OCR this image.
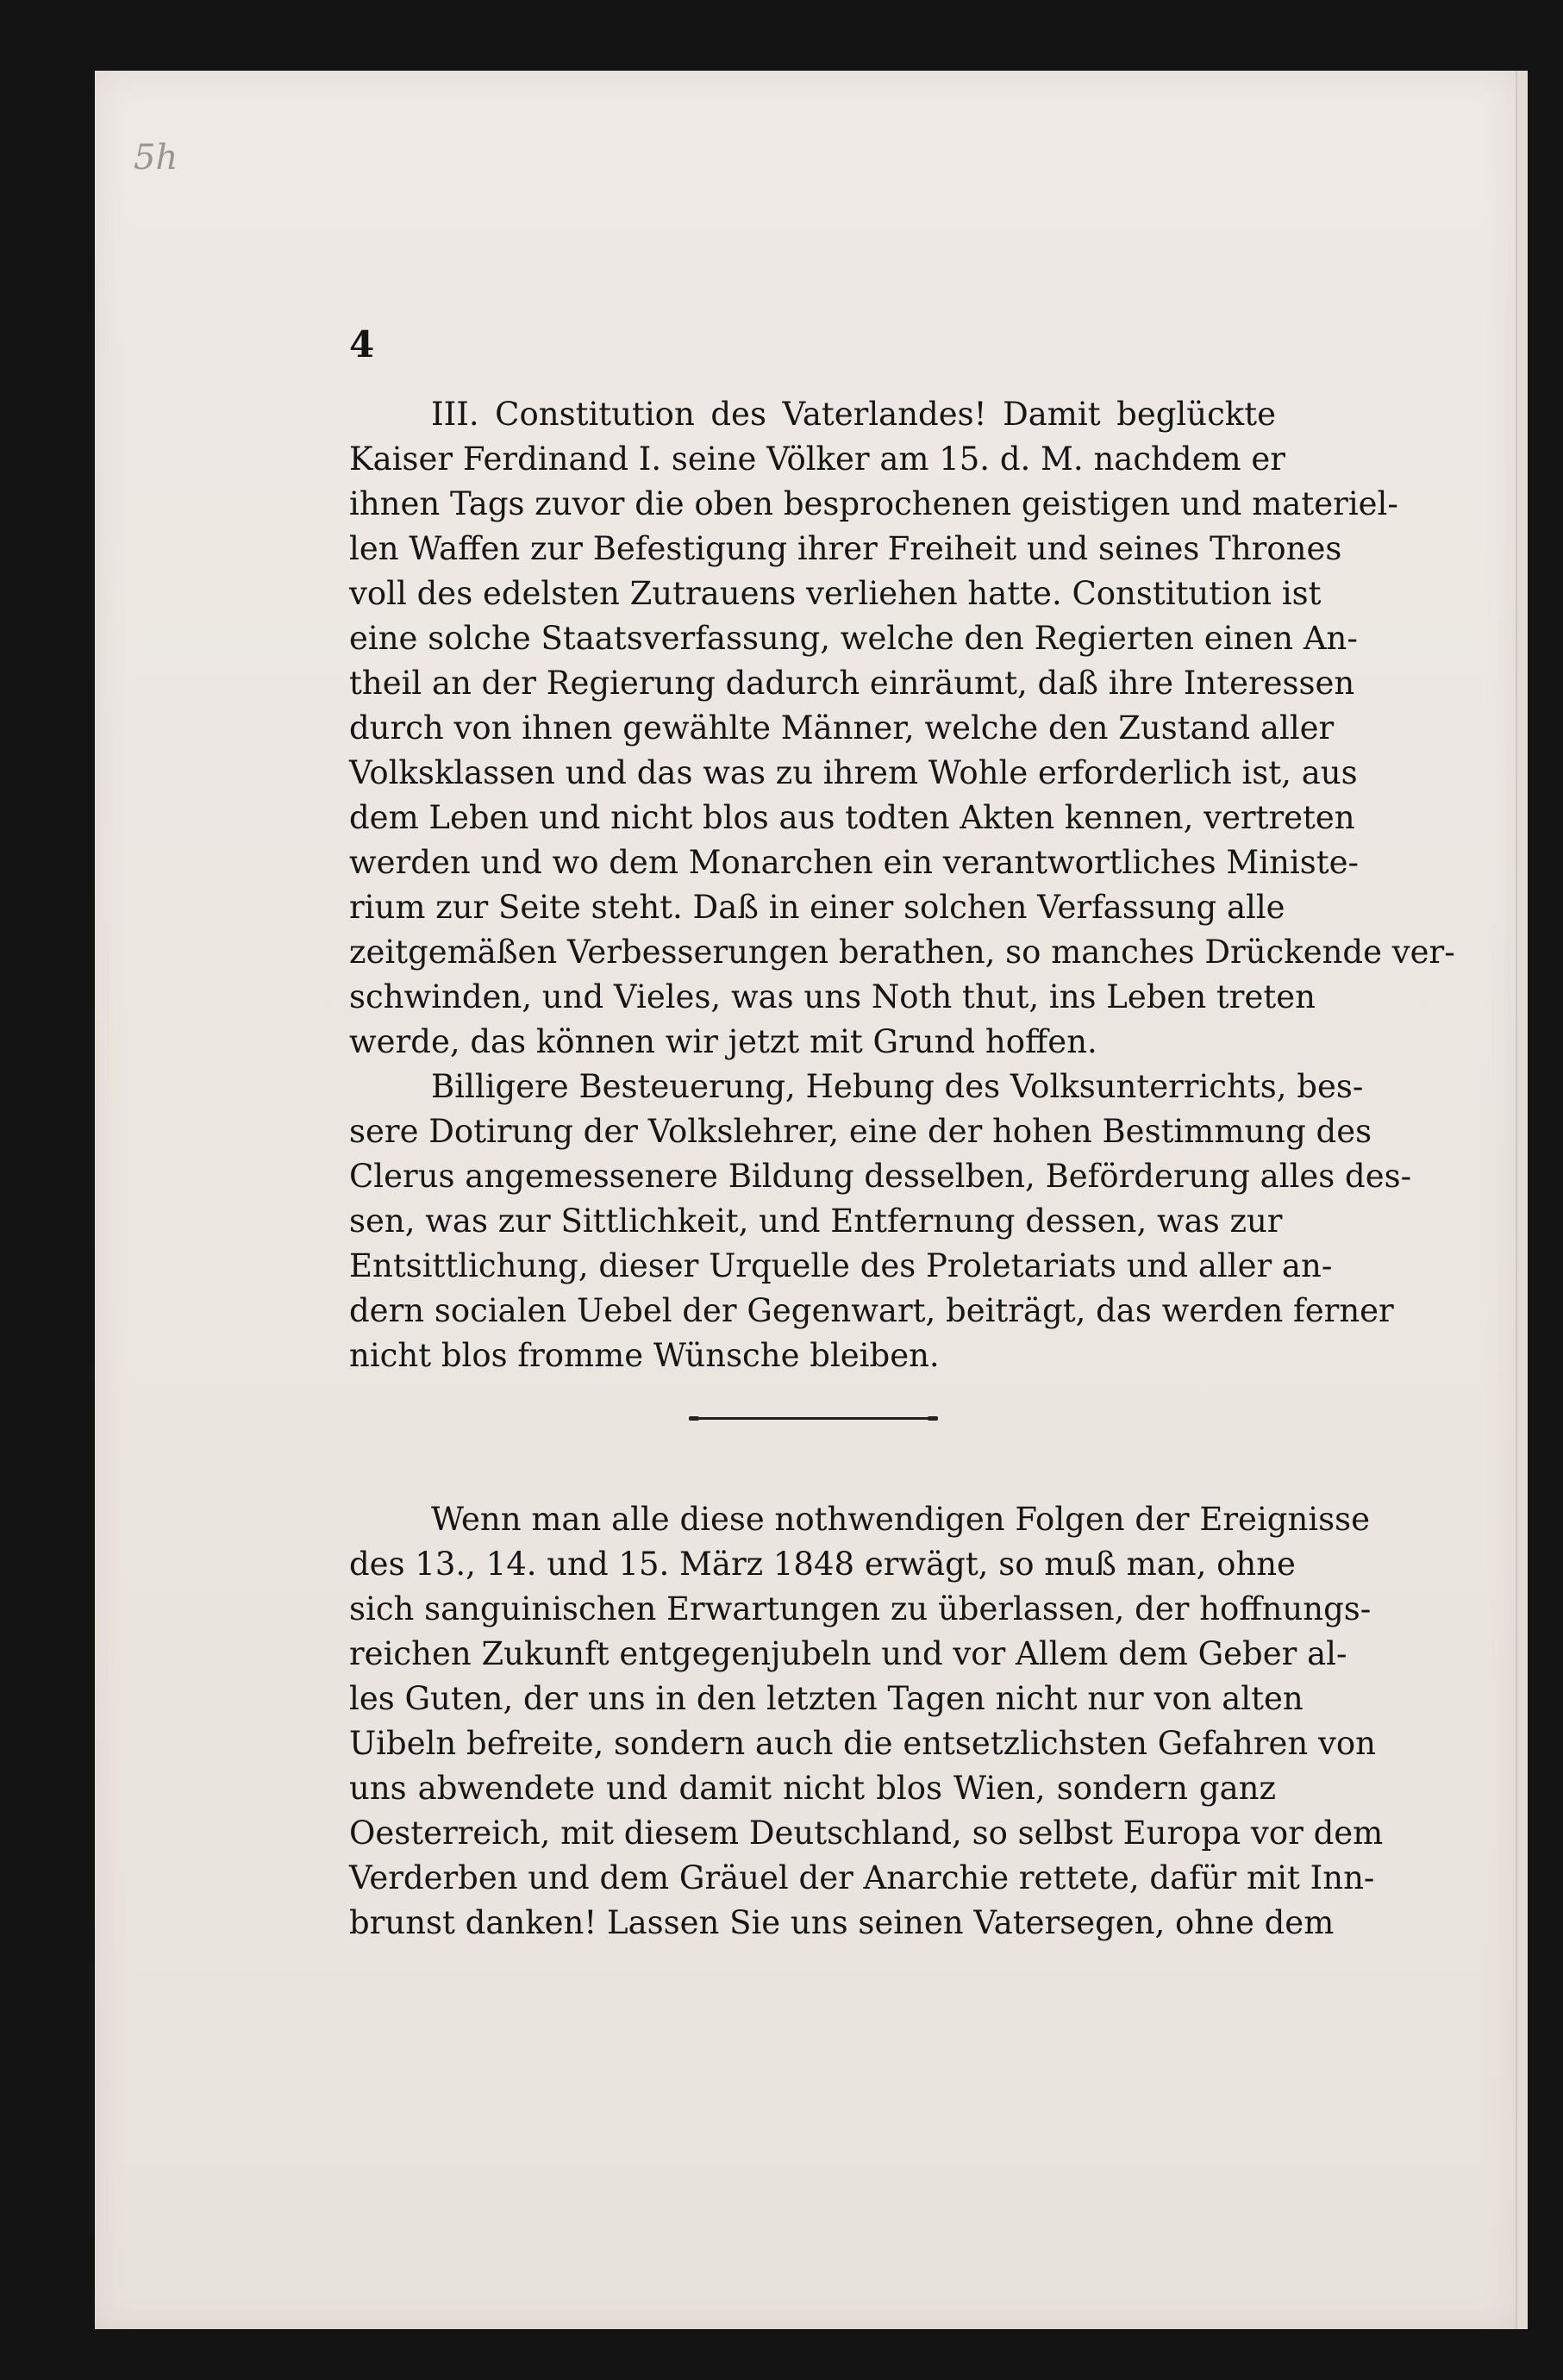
5h
4
III. Constitution des Vaterlandes! Damit beglückte
Kaiser Ferdinand I. seine Völker am 15. d. M. nachdem er
ihnen Tags zuvor die oben besprochenen geistigen und materiel-
len Waffen zur Befestigung ihrer Freiheit und seines Thrones
voll des edelsten Zutrauens verliehen hatte. Constitution ist
eine solche Staatsverfassung, welche den Regierten einen An-
theil an der Regierung dadurch einräumt, daß ihre Interessen
durch von ihnen gewählte Männer, welche den Zustand aller
Volksklassen und das was zu ihrem Wohle erforderlich ist, aus
dem Leben und nicht blos aus todten Akten kennen, vertreten
werden und wo dem Monarchen ein verantwortliches Ministe-
rium zur Seite steht. Daß in einer solchen Verfassung alle
zeitgemäßen Verbesserungen berathen, so manches Drückende ver-
schwinden, und Vieles, was uns Noth thut, ins Leben treten
werde, das können wir jetzt mit Grund hoffen.
Billigere Besteuerung, Hebung des Volksunterrichts, bes-
sere Dotirung der Volkslehrer, eine der hohen Bestimmung des
Clerus angemessenere Bildung desselben, Beförderung alles des-
sen, was zur Sittlichkeit, und Entfernung dessen, was zur
Entsittlichung, dieser Urquelle des Proletariats und aller an-
dern socialen Uebel der Gegenwart, beiträgt, das werden ferner
nicht blos fromme Wünsche bleiben.
Wenn man alle diese nothwendigen Folgen der Ereignisse
des 13., 14. und 15. März 1848 erwägt, so muß man, ohne
sich sanguinischen Erwartungen zu überlassen, der hoffnungs-
reichen Zukunft entgegenjubeln und vor Allem dem Geber al-
les Guten, der uns in den letzten Tagen nicht nur von alten
Uibeln befreite, sondern auch die entsetzlichsten Gefahren von
uns abwendete und damit nicht blos Wien, sondern ganz
Oesterreich, mit diesem Deutschland, so selbst Europa vor dem
Verderben und dem Gräuel der Anarchie rettete, dafür mit Inn-
brunst danken! Lassen Sie uns seinen Vatersegen, ohne dem
